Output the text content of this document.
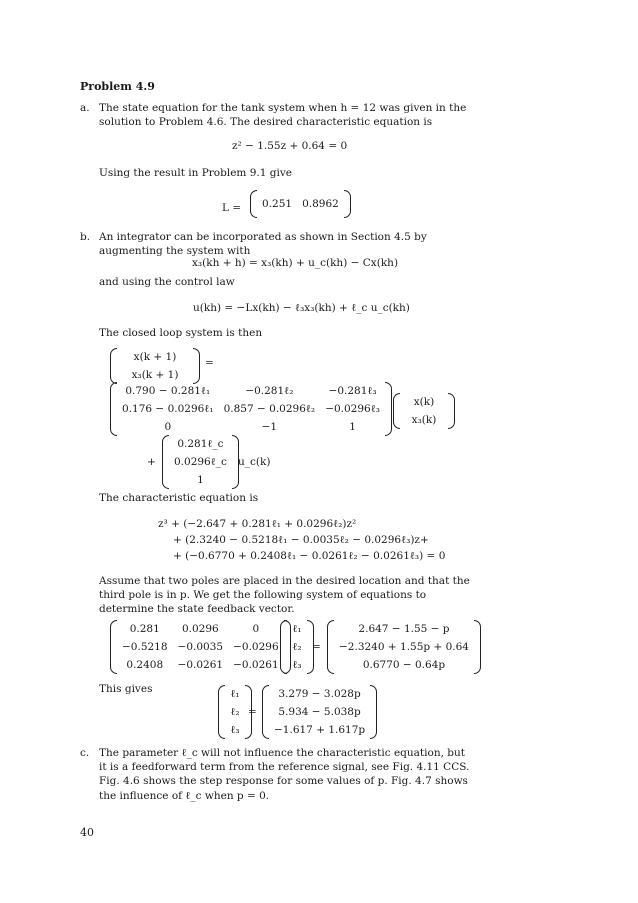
Problem 4.9
a. The state equation for the tank system when h = 12 was given in the solution to Problem 4.6. The desired characteristic equation is
z² − 1.55z + 0.64 = 0
Using the result in Problem 9.1 give
L = 0.251	0.8962
b. An integrator can be incorporated as shown in Section 4.5 by augmenting the system with
x₃(kh + h) = x₃(kh) + u_c(kh) − Cx(kh)
and using the control law
u(kh) = −Lx(kh) − ℓ₃x₃(kh) + ℓ_c u_c(kh)
The closed loop system is then
x(k + 1)
x₃(k + 1)
=
0.790 − 0.281ℓ₁	−0.281ℓ₂	−0.281ℓ₃
0.176 − 0.0296ℓ₁	0.857 − 0.0296ℓ₂	−0.0296ℓ₃
0	−1	1
x(k)
x₃(k)
+
0.281ℓ_c
0.0296ℓ_c
1
u_c(k)
The characteristic equation is
z³ + (−2.647 + 0.281ℓ₁ + 0.0296ℓ₂)z²
+ (2.3240 − 0.5218ℓ₁ − 0.0035ℓ₂ − 0.0296ℓ₃)z+
+ (−0.6770 + 0.2408ℓ₁ − 0.0261ℓ₂ − 0.0261ℓ₃) = 0
Assume that two poles are placed in the desired location and that the third pole is in p. We get the following system of equations to determine the state feedback vector.
0.281	0.0296	0
−0.5218	−0.0035	−0.0296
0.2408	−0.0261	−0.0261
ℓ₁
ℓ₂
ℓ₃
=
2.647 − 1.55 − p
−2.3240 + 1.55p + 0.64
0.6770 − 0.64p
This gives	ℓ₁
ℓ₂
ℓ₃
=
3.279 − 3.028p
5.934 − 5.038p
−1.617 + 1.617p
c. The parameter ℓ_c will not influence the characteristic equation, but it is a feedforward term from the reference signal, see Fig. 4.11 CCS. Fig. 4.6 shows the step response for some values of p. Fig. 4.7 shows the influence of ℓ_c when p = 0.
40
